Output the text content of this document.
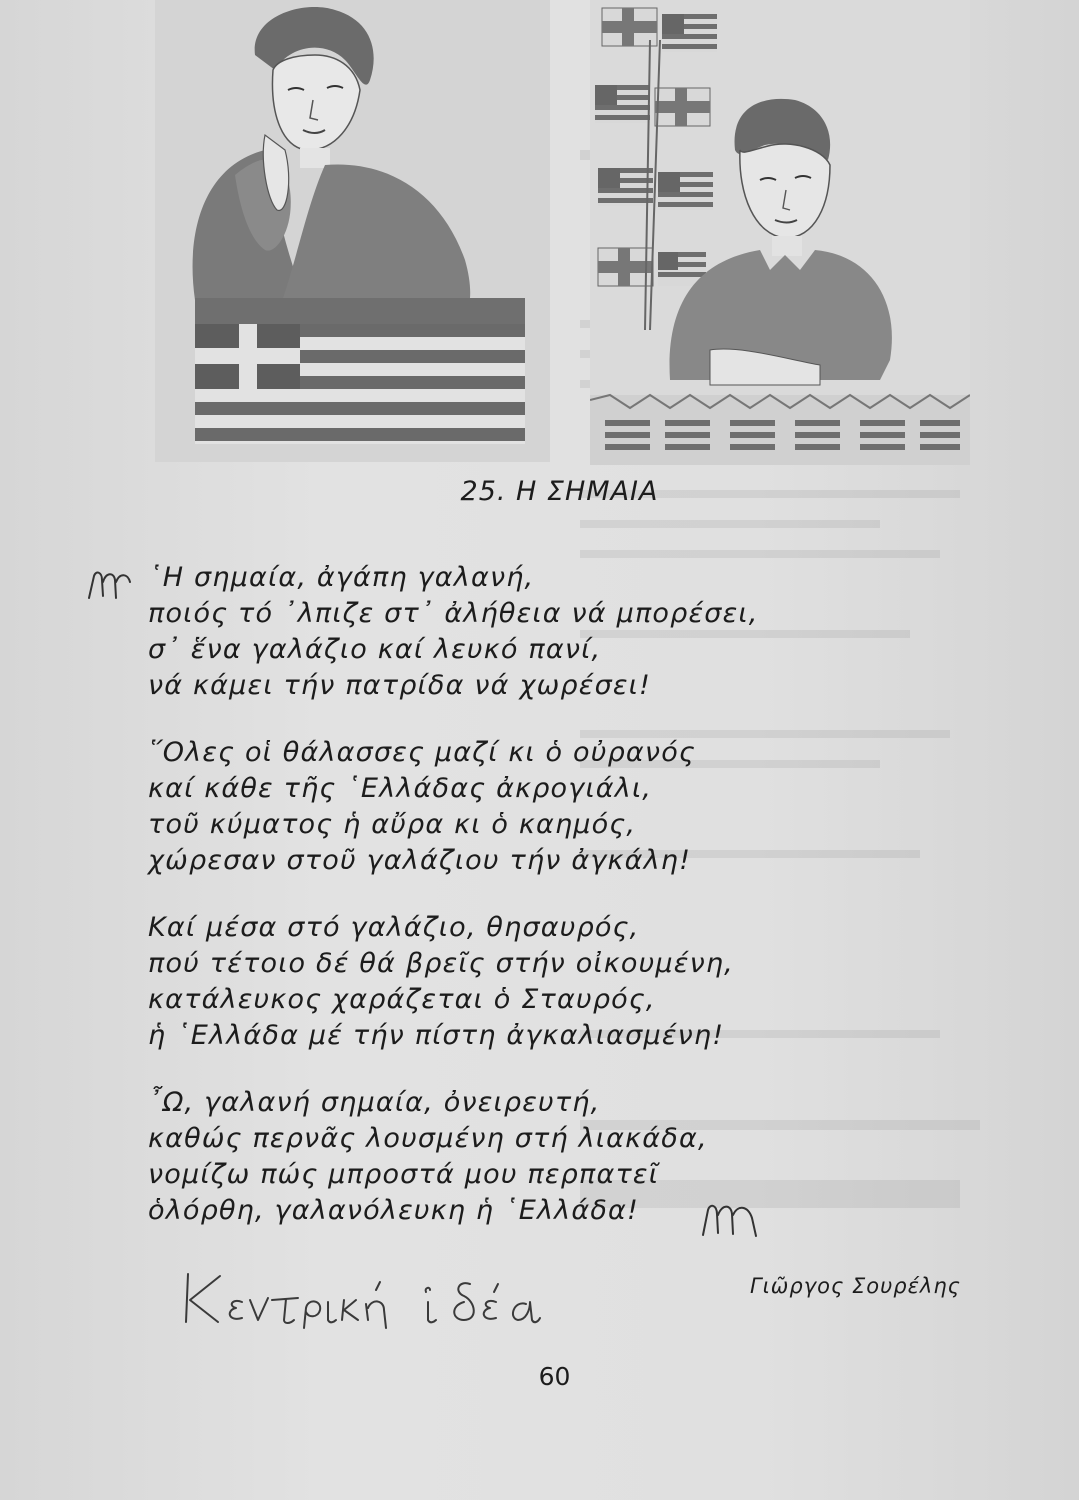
25. Η ΣΗΜΑΙΑ
῾Η σημαία, ἀγάπη γαλανή,
ποιός τό ᾿λπιζε στ᾿ ἀλήθεια νά μπορέσει,
σ᾿ ἕνα γαλάζιο καί λευκό πανί,
νά κάμει τήν πατρίδα νά χωρέσει!
῞Ολες οἱ θάλασσες μαζί κι ὁ οὐρανός
καί κάθε τῆς ῾Ελλάδας ἀκρογιάλι,
τοῦ κύματος ἡ αὔρα κι ὁ καημός,
χώρεσαν στοῦ γαλάζιου τήν ἀγκάλη!
Καί μέσα στό γαλάζιο, θησαυρός,
πού τέτοιο δέ θά βρεῖς στήν οἰκουμένη,
κατάλευκος χαράζεται ὁ Σταυρός,
ἡ ῾Ελλάδα μέ τήν πίστη ἀγκαλιασμένη!
῏Ω, γαλανή σημαία, ὀνειρευτή,
καθώς περνᾶς λουσμένη στή λιακάδα,
νομίζω πώς μπροστά μου περπατεῖ
ὁλόρθη, γαλανόλευκη ἡ ῾Ελλάδα!
Γιῶργος Σουρέλης
60
